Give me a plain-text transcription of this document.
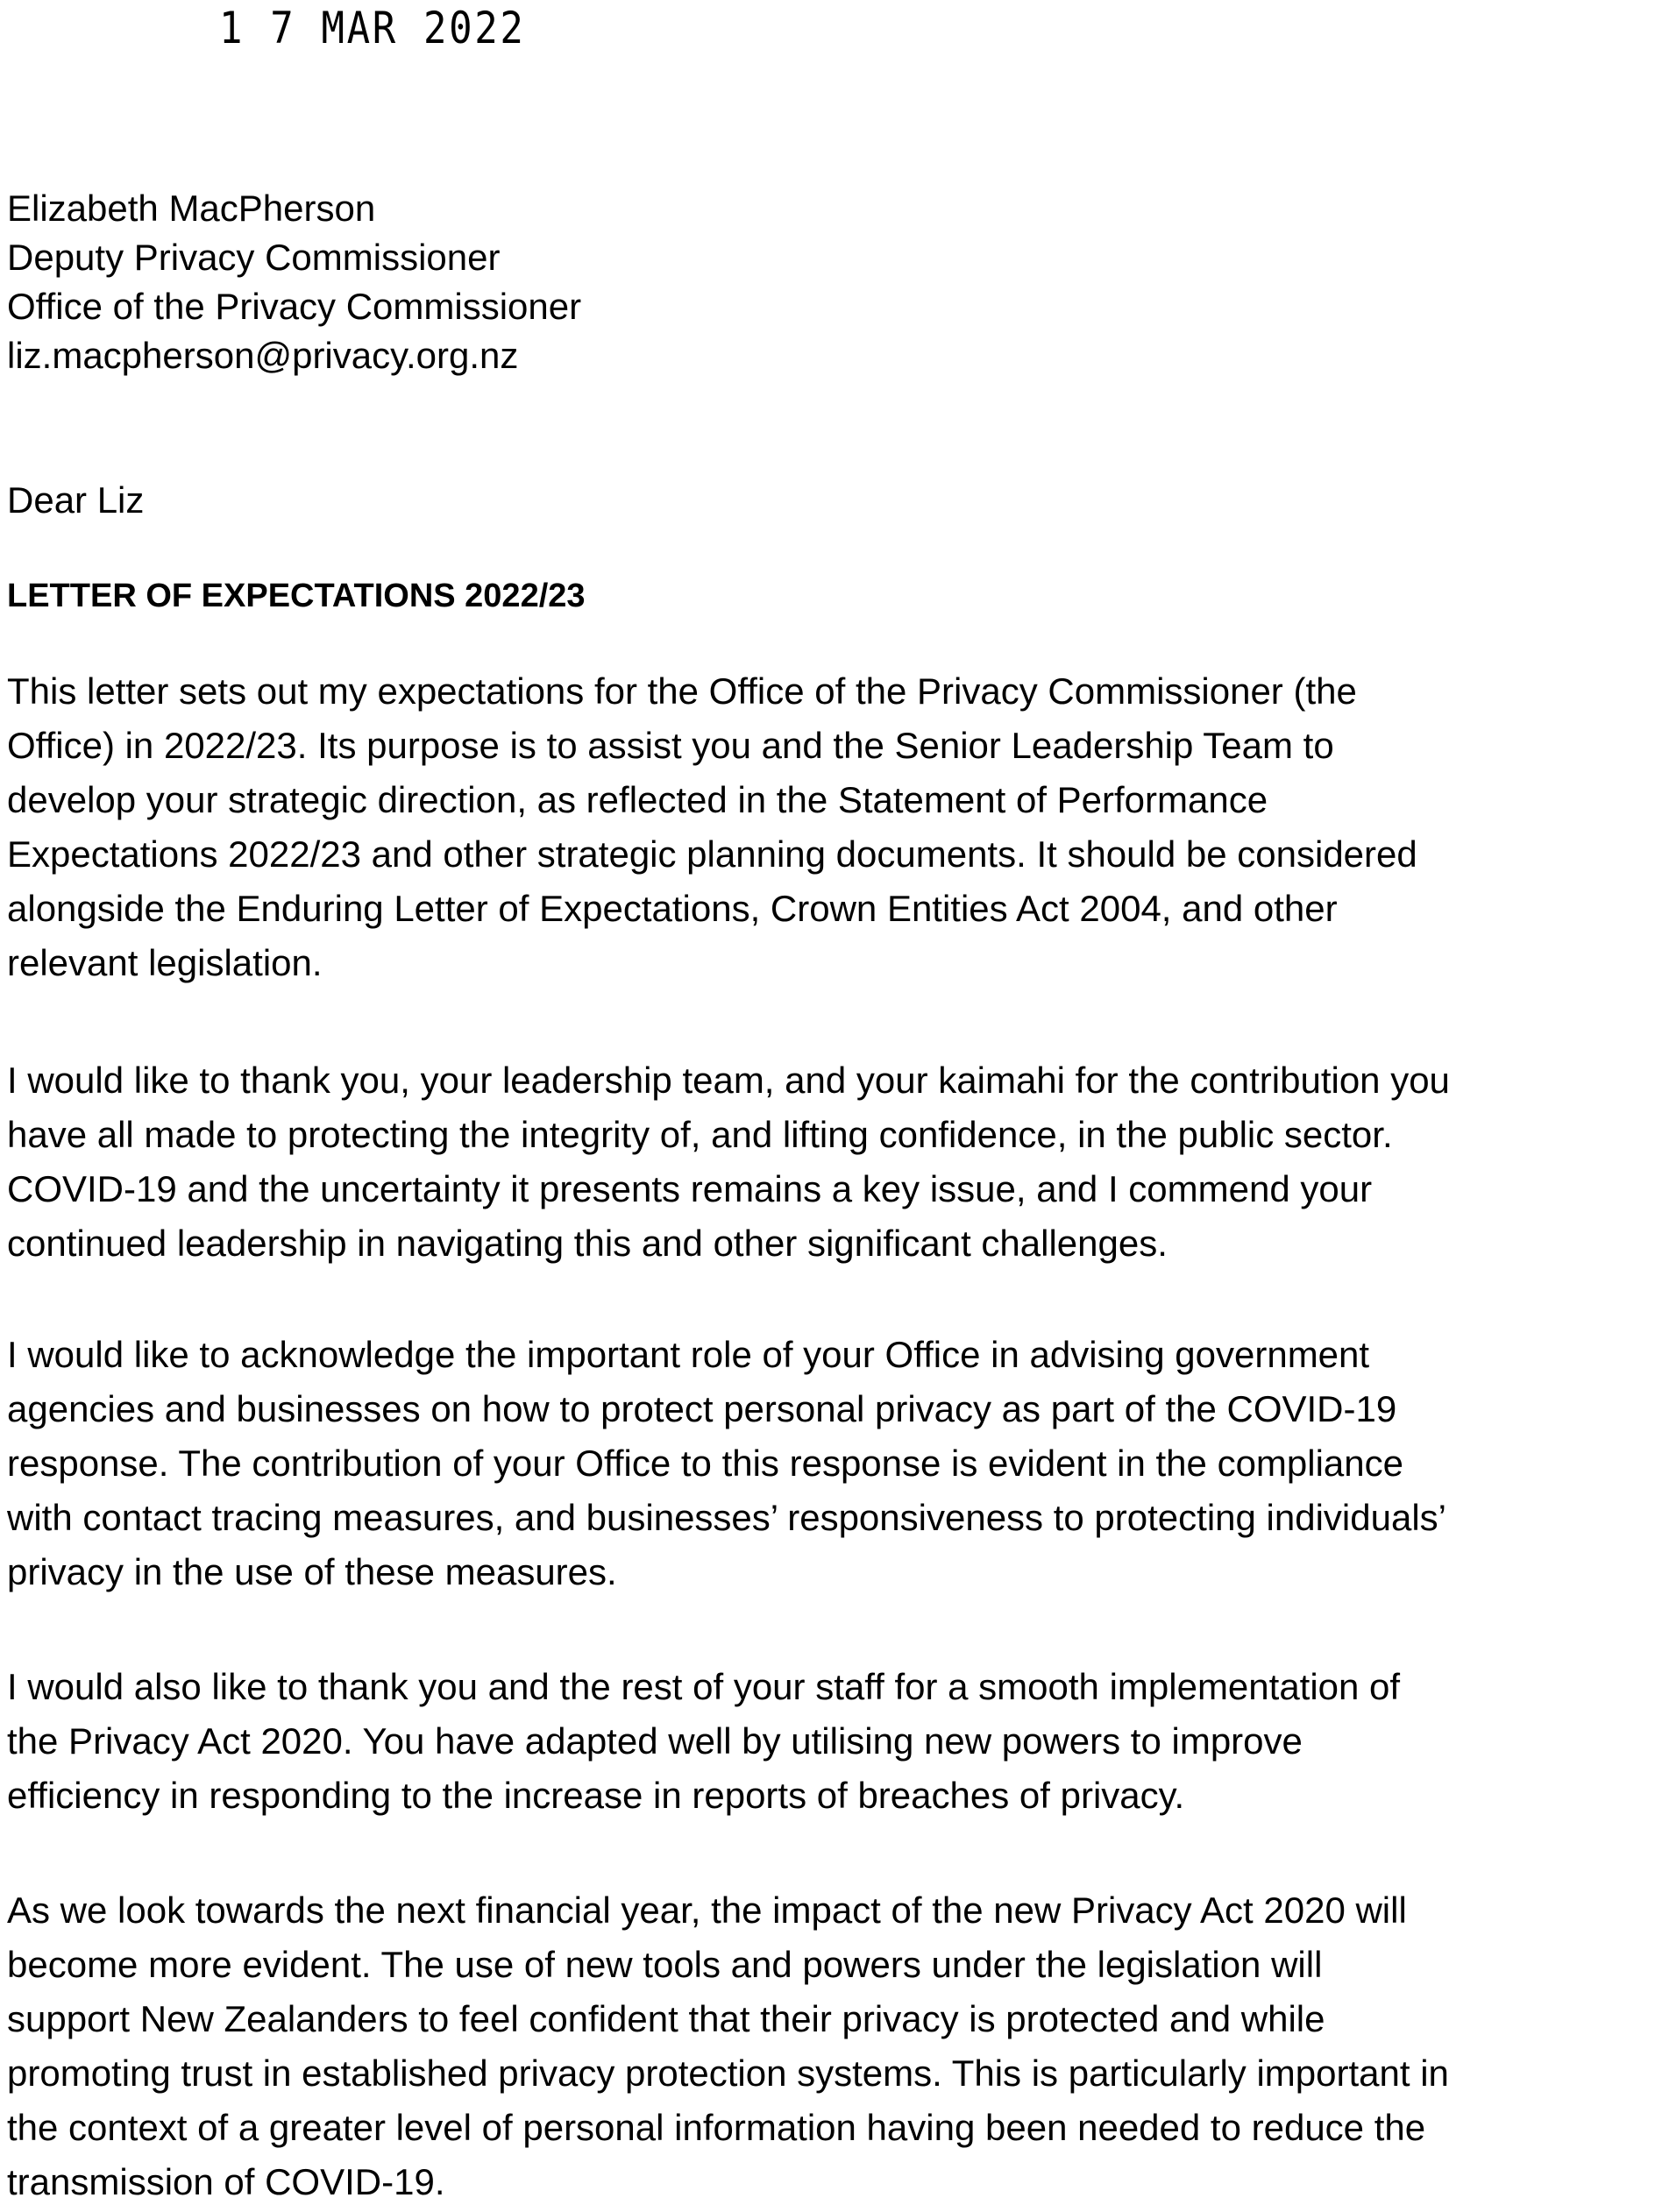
1 7 MAR 2022
Elizabeth MacPherson
Deputy Privacy Commissioner
Office of the Privacy Commissioner
liz.macpherson@privacy.org.nz
Dear Liz
LETTER OF EXPECTATIONS 2022/23
This letter sets out my expectations for the Office of the Privacy Commissioner (the
Office) in 2022/23. Its purpose is to assist you and the Senior Leadership Team to
develop your strategic direction, as reflected in the Statement of Performance
Expectations 2022/23 and other strategic planning documents. It should be considered
alongside the Enduring Letter of Expectations, Crown Entities Act 2004, and other
relevant legislation.
I would like to thank you, your leadership team, and your kaimahi for the contribution you
have all made to protecting the integrity of, and lifting confidence, in the public sector.
COVID-19 and the uncertainty it presents remains a key issue, and I commend your
continued leadership in navigating this and other significant challenges.
I would like to acknowledge the important role of your Office in advising government
agencies and businesses on how to protect personal privacy as part of the COVID-19
response. The contribution of your Office to this response is evident in the compliance
with contact tracing measures, and businesses’ responsiveness to protecting individuals’
privacy in the use of these measures.
I would also like to thank you and the rest of your staff for a smooth implementation of
the Privacy Act 2020. You have adapted well by utilising new powers to improve
efficiency in responding to the increase in reports of breaches of privacy.
As we look towards the next financial year, the impact of the new Privacy Act 2020 will
become more evident. The use of new tools and powers under the legislation will
support New Zealanders to feel confident that their privacy is protected and while
promoting trust in established privacy protection systems. This is particularly important in
the context of a greater level of personal information having been needed to reduce the
transmission of COVID-19.
